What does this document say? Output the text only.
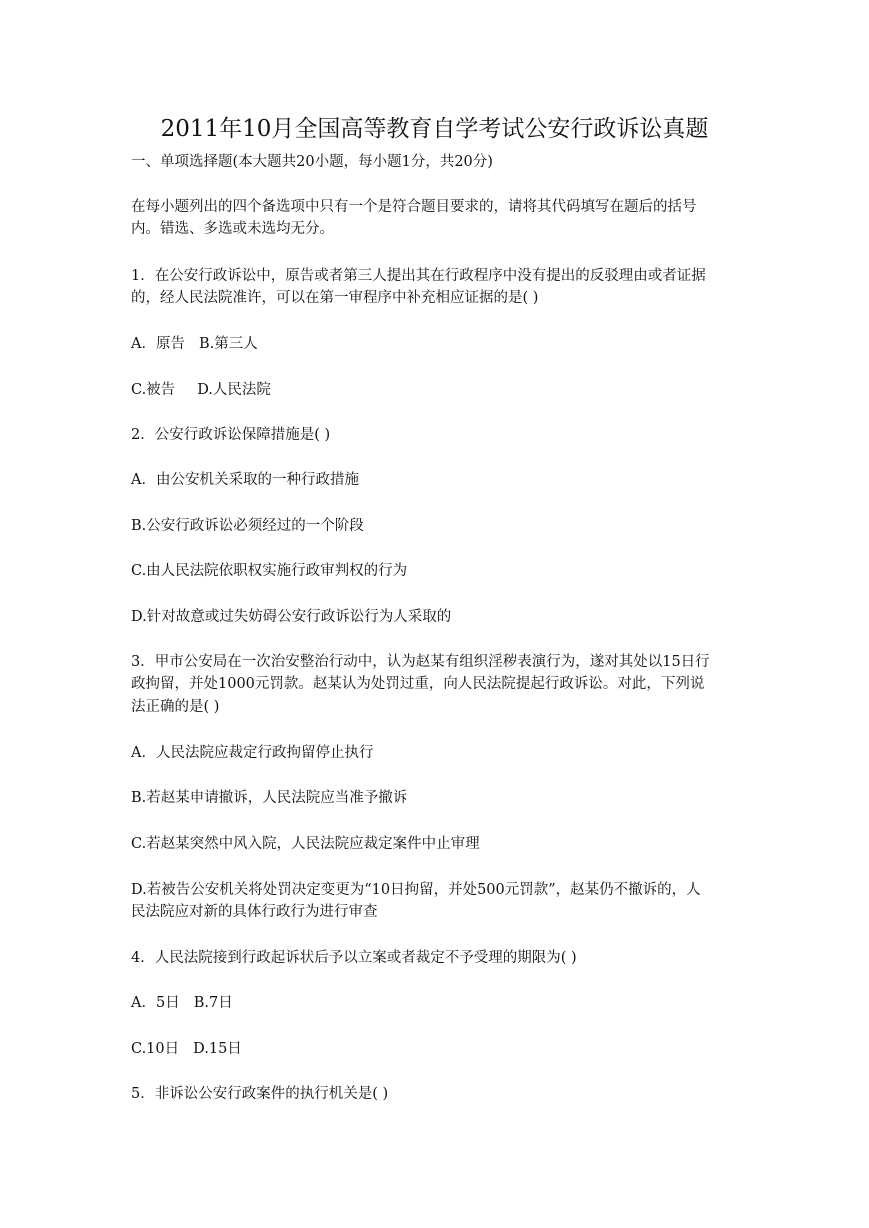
2011年10月全国高等教育自学考试公安行政诉讼真题
一、单项选择题(本大题共20小题，每小题1分，共20分)
在每小题列出的四个备选项中只有一个是符合题目要求的，请将其代码填写在题后的括号
内。错选、多选或未选均无分。
1．在公安行政诉讼中，原告或者第三人提出其在行政程序中没有提出的反驳理由或者证据
的，经人民法院准许，可以在第一审程序中补充相应证据的是( )
A．原告 B.第三人
C.被告 D.人民法院
2．公安行政诉讼保障措施是( )
A．由公安机关采取的一种行政措施
B.公安行政诉讼必须经过的一个阶段
C.由人民法院依职权实施行政审判权的行为
D.针对故意或过失妨碍公安行政诉讼行为人采取的
3．甲市公安局在一次治安整治行动中，认为赵某有组织淫秽表演行为，遂对其处以15日行
政拘留，并处1000元罚款。赵某认为处罚过重，向人民法院提起行政诉讼。对此，下列说
法正确的是( )
A．人民法院应裁定行政拘留停止执行
B.若赵某申请撤诉，人民法院应当准予撤诉
C.若赵某突然中风入院，人民法院应裁定案件中止审理
D.若被告公安机关将处罚决定变更为“10日拘留，并处500元罚款”，赵某仍不撤诉的，人
民法院应对新的具体行政行为进行审查
4．人民法院接到行政起诉状后予以立案或者裁定不予受理的期限为( )
A．5日 B.7日
C.10日 D.15日
5．非诉讼公安行政案件的执行机关是( )
